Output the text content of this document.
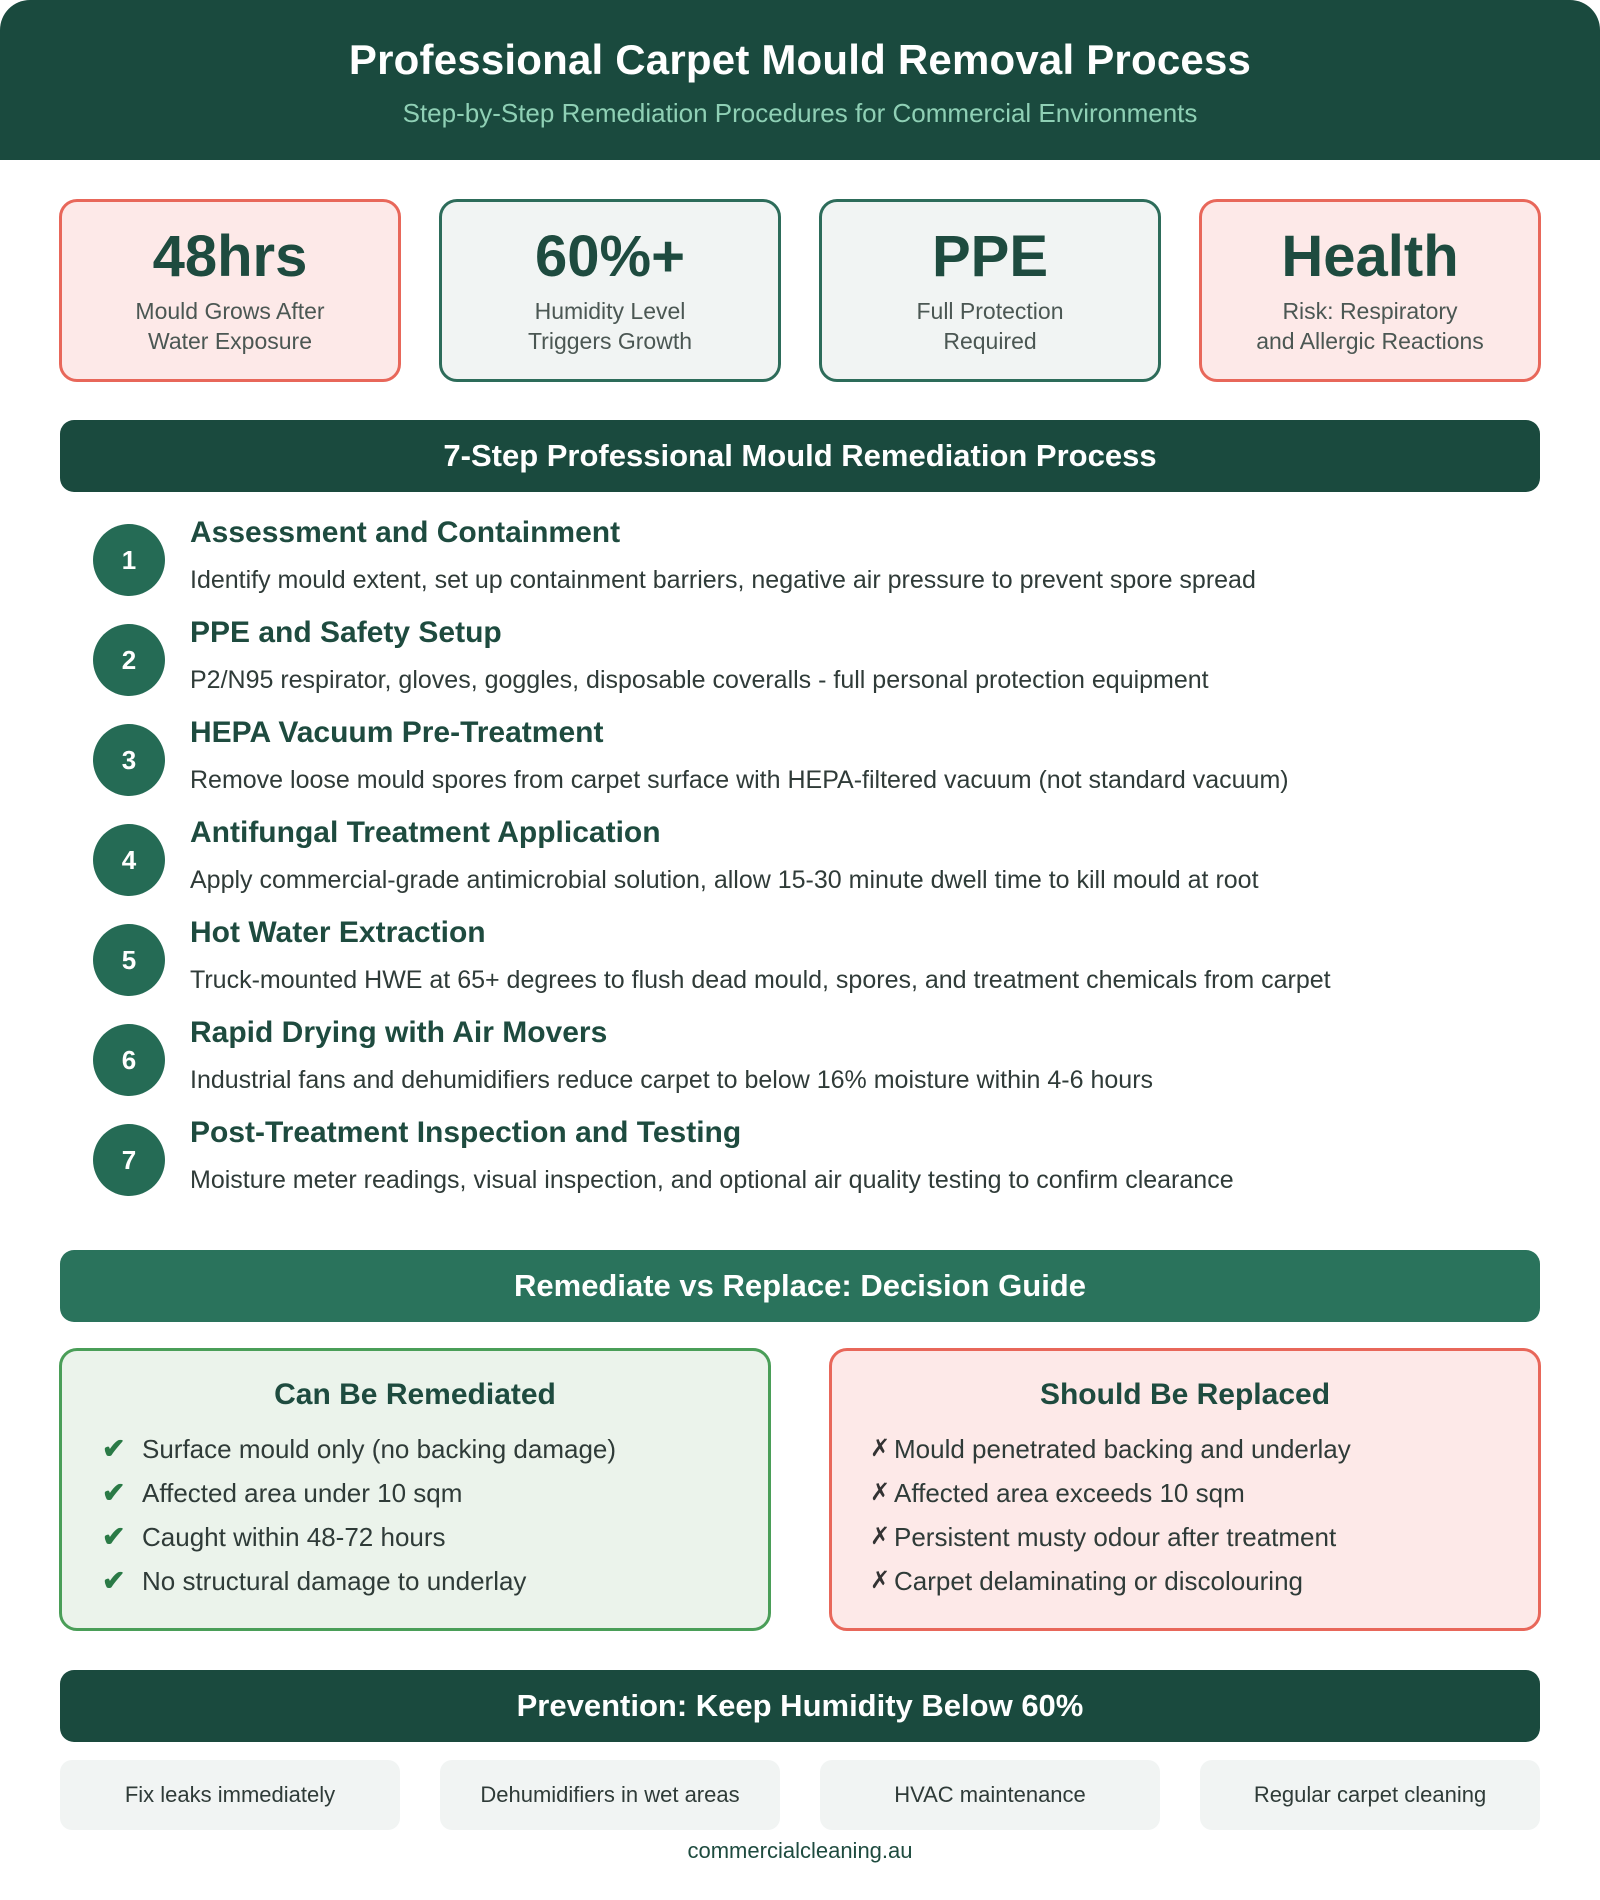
Professional Carpet Mould Removal Process
Step-by-Step Remediation Procedures for Commercial Environments
48hrs
Mould Grows After
Water Exposure
60%+
Humidity Level
Triggers Growth
PPE
Full Protection
Required
Health
Risk: Respiratory
and Allergic Reactions
7-Step Professional Mould Remediation Process
1
Assessment and Containment
Identify mould extent, set up containment barriers, negative air pressure to prevent spore spread
2
PPE and Safety Setup
P2/N95 respirator, gloves, goggles, disposable coveralls - full personal protection equipment
3
HEPA Vacuum Pre-Treatment
Remove loose mould spores from carpet surface with HEPA-filtered vacuum (not standard vacuum)
4
Antifungal Treatment Application
Apply commercial-grade antimicrobial solution, allow 15-30 minute dwell time to kill mould at root
5
Hot Water Extraction
Truck-mounted HWE at 65+ degrees to flush dead mould, spores, and treatment chemicals from carpet
6
Rapid Drying with Air Movers
Industrial fans and dehumidifiers reduce carpet to below 16% moisture within 4-6 hours
7
Post-Treatment Inspection and Testing
Moisture meter readings, visual inspection, and optional air quality testing to confirm clearance
Remediate vs Replace: Decision Guide
Can Be Remediated
✔ Surface mould only (no backing damage)
✔ Affected area under 10 sqm
✔ Caught within 48-72 hours
✔ No structural damage to underlay
Should Be Replaced
✗ Mould penetrated backing and underlay
✗ Affected area exceeds 10 sqm
✗ Persistent musty odour after treatment
✗ Carpet delaminating or discolouring
Prevention: Keep Humidity Below 60%
Fix leaks immediately	Dehumidifiers in wet areas	HVAC maintenance	Regular carpet cleaning
commercialcleaning.au
